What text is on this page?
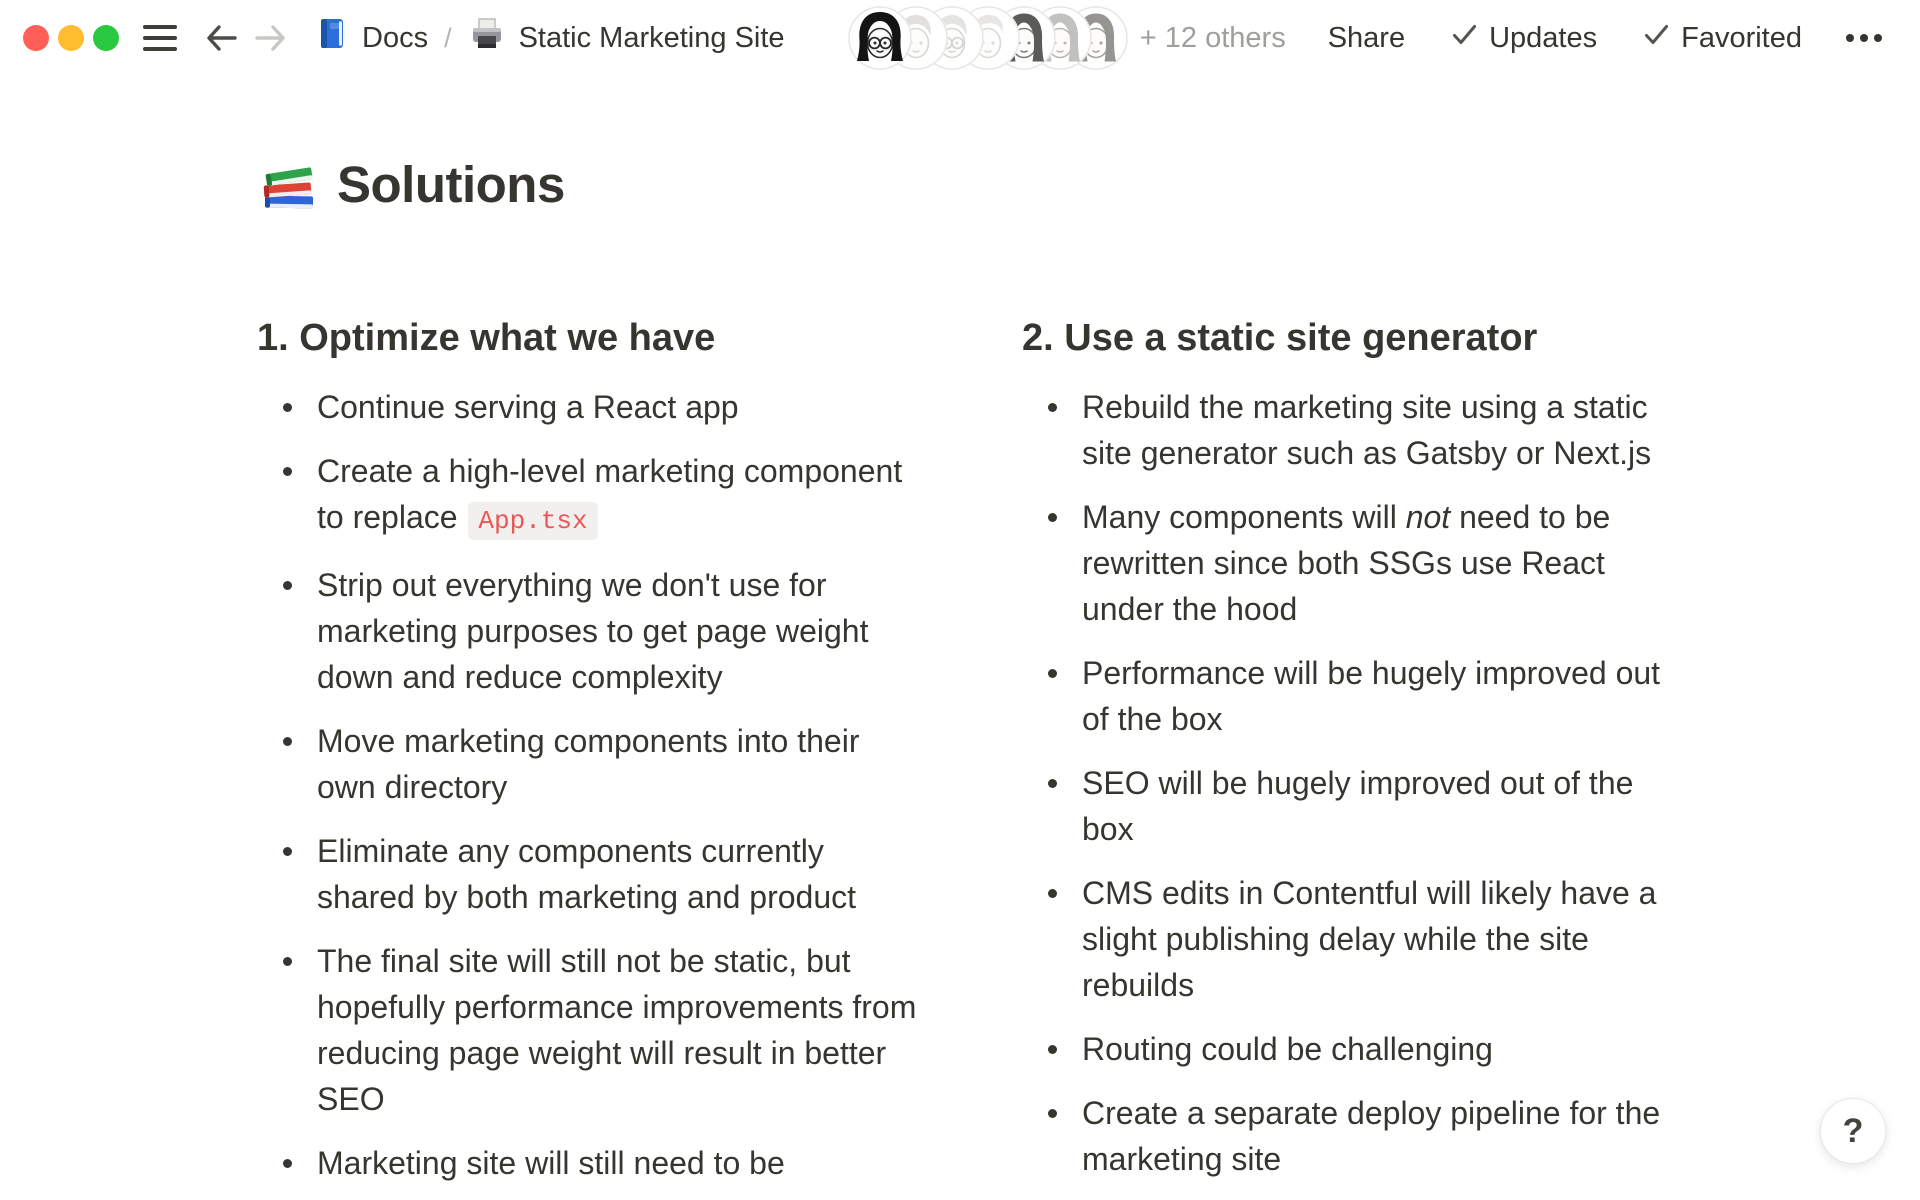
Docs / Static Marketing Site	+ 12 others Share	Updates	Favorited
Solutions
1. Optimize what we have
Continue serving a React app
Create a high-level marketing component to replace App.tsx
Strip out everything we don't use for marketing purposes to get page weight down and reduce complexity
Move marketing components into their own directory
Eliminate any components currently shared by both marketing and product
The final site will still not be static, but hopefully performance improvements from reducing page weight will result in better SEO
Marketing site will still need to be
2. Use a static site generator
Rebuild the marketing site using a static site generator such as Gatsby or Next.js
Many components will not need to be rewritten since both SSGs use React under the hood
Performance will be hugely improved out of the box
SEO will be hugely improved out of the box
CMS edits in Contentful will likely have a slight publishing delay while the site rebuilds
Routing could be challenging
Create a separate deploy pipeline for the marketing site
?
